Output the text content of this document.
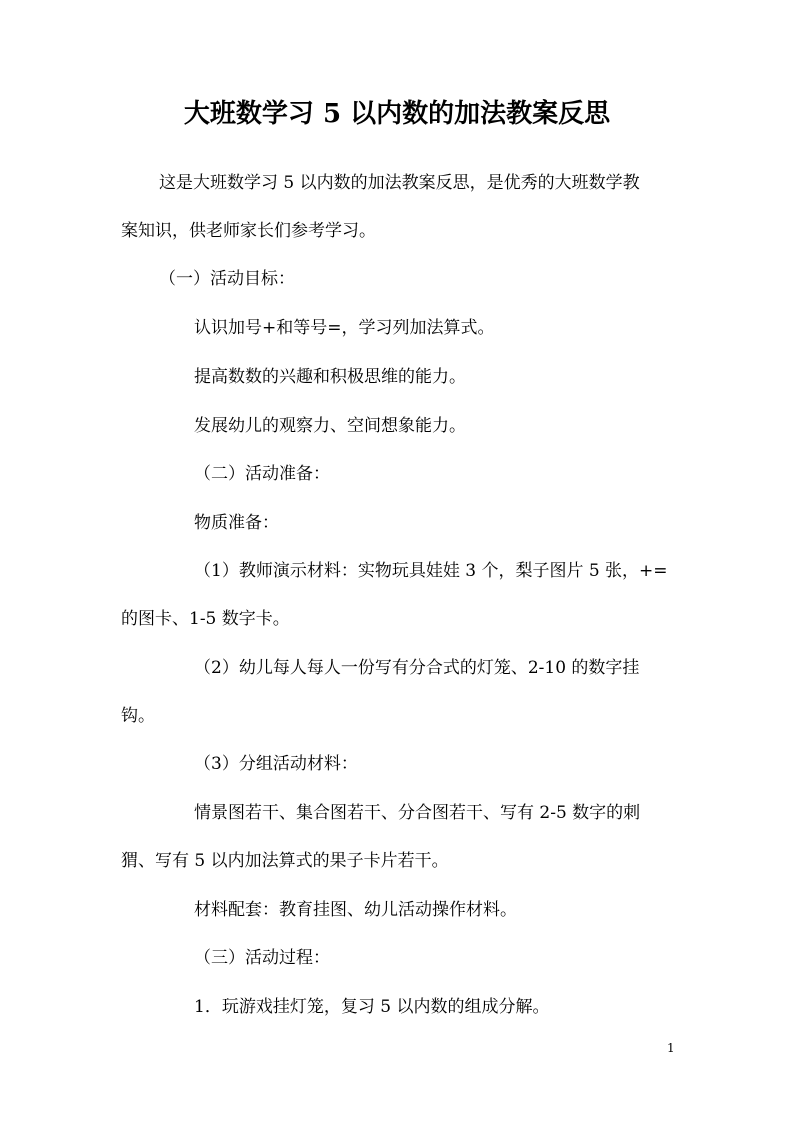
大班数学习 5 以内数的加法教案反思
这是大班数学习 5 以内数的加法教案反思，是优秀的大班数学教
案知识，供老师家长们参考学习。
（一）活动目标：
认识加号+和等号=，学习列加法算式。
提高数数的兴趣和积极思维的能力。
发展幼儿的观察力、空间想象能力。
（二）活动准备：
物质准备：
（1）教师演示材料：实物玩具娃娃 3 个，梨子图片 5 张，+=
的图卡、1-5 数字卡。
（2）幼儿每人每人一份写有分合式的灯笼、2-10 的数字挂
钩。
（3）分组活动材料：
情景图若干、集合图若干、分合图若干、写有 2-5 数字的刺
猬、写有 5 以内加法算式的果子卡片若干。
材料配套：教育挂图、幼儿活动操作材料。
（三）活动过程：
1．玩游戏挂灯笼，复习 5 以内数的组成分解。
1
